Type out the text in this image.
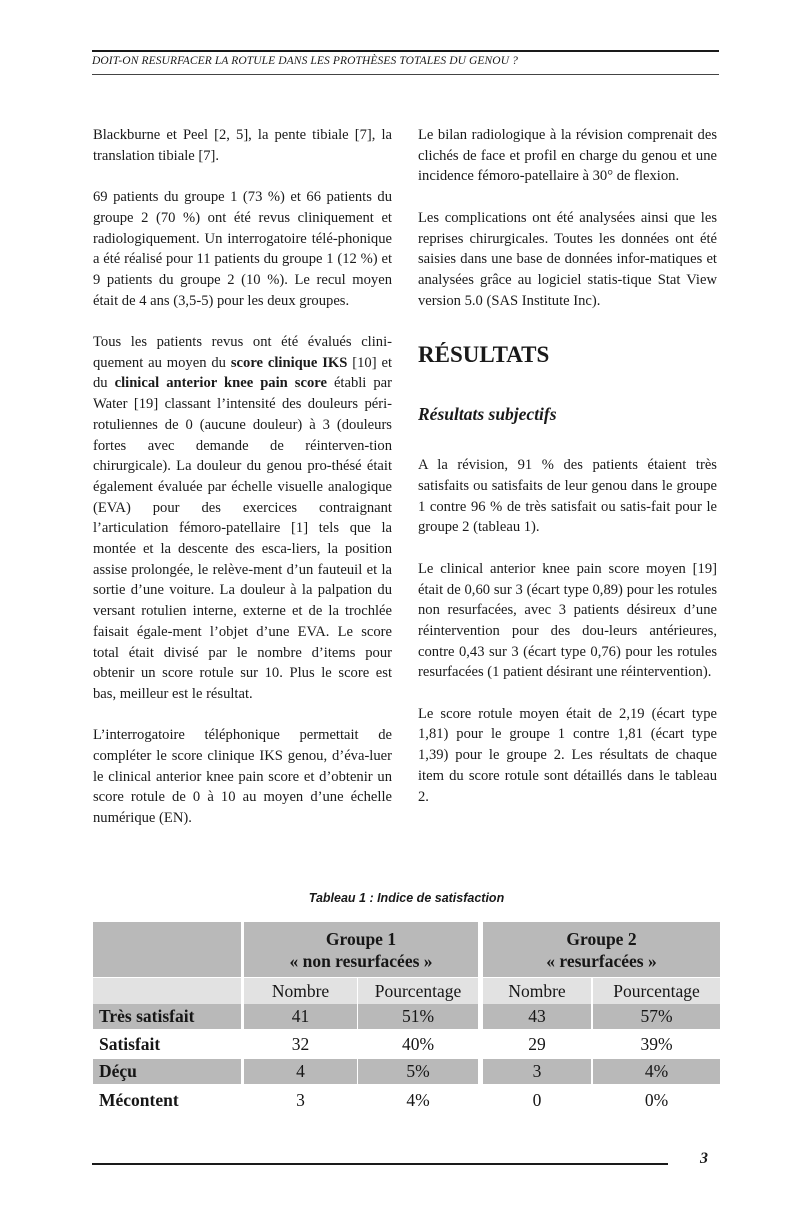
DOIT-ON RESURFACER LA ROTULE DANS LES PROTHÈSES TOTALES DU GENOU ?

Blackburne et Peel [2, 5], la pente tibiale [7], la translation tibiale [7].

69 patients du groupe 1 (73 %) et 66 patients du groupe 2 (70 %) ont été revus cliniquement et radiologiquement. Un interrogatoire télé-phonique a été réalisé pour 11 patients du groupe 1 (12 %) et 9 patients du groupe 2 (10 %). Le recul moyen était de 4 ans (3,5-5) pour les deux groupes.

Tous les patients revus ont été évalués clini-quement au moyen du score clinique IKS [10] et du clinical anterior knee pain score établi par Water [19] classant l’intensité des douleurs péri-rotuliennes de 0 (aucune douleur) à 3 (douleurs fortes avec demande de réinterven-tion chirurgicale). La douleur du genou pro-thésé était également évaluée par échelle visuelle analogique (EVA) pour des exercices contraignant l’articulation fémoro-patellaire [1] tels que la montée et la descente des esca-liers, la position assise prolongée, le relève-ment d’un fauteuil et la sortie d’une voiture. La douleur à la palpation du versant rotulien interne, externe et de la trochlée faisait égale-ment l’objet d’une EVA. Le score total était divisé par le nombre d’items pour obtenir un score rotule sur 10. Plus le score est bas, meilleur est le résultat.

L’interrogatoire téléphonique permettait de compléter le score clinique IKS genou, d’éva-luer le clinical anterior knee pain score et d’obtenir un score rotule de 0 à 10 au moyen d’une échelle numérique (EN).

Le bilan radiologique à la révision comprenait des clichés de face et profil en charge du genou et une incidence fémoro-patellaire à 30° de flexion.

Les complications ont été analysées ainsi que les reprises chirurgicales. Toutes les données ont été saisies dans une base de données infor-matiques et analysées grâce au logiciel statis-tique Stat View version 5.0 (SAS Institute Inc).

RÉSULTATS

Résultats subjectifs

A la révision, 91 % des patients étaient très satisfaits ou satisfaits de leur genou dans le groupe 1 contre 96 % de très satisfait ou satis-fait pour le groupe 2 (tableau 1).

Le clinical anterior knee pain score moyen [19] était de 0,60 sur 3 (écart type 0,89) pour les rotules non resurfacées, avec 3 patients désireux d’une réintervention pour des dou-leurs antérieures, contre 0,43 sur 3 (écart type 0,76) pour les rotules resurfacées (1 patient désirant une réintervention).

Le score rotule moyen était de 2,19 (écart type 1,81) pour le groupe 1 contre 1,81 (écart type 1,39) pour le groupe 2. Les résultats de chaque item du score rotule sont détaillés dans le tableau 2.

Tableau 1 : Indice de satisfaction
Groupe 1
« non resurfacées »
Groupe 2
« resurfacées »
Nombre	Pourcentage	Nombre	Pourcentage
Très satisfait	41	51%	43	57%
Satisfait	32	40%	29	39%
Déçu	4	5%	3	4%
Mécontent	3	4%	0	0%
3
